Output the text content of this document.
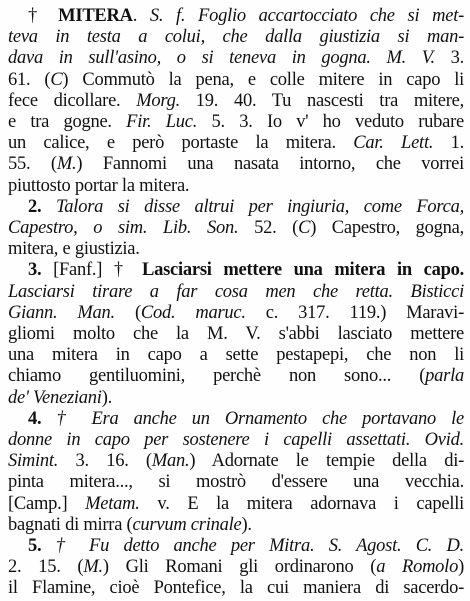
† MITERA. S. f. Foglio accartocciato che si met-
teva in testa a colui, che dalla giustizia si man-
dava in sull'asino, o si teneva in gogna. M. V. 3.
61. (C) Commutò la pena, e colle mitere in capo li
fece dicollare. Morg. 19. 40. Tu nascesti tra mitere,
e tra gogne. Fir. Luc. 5. 3. Io v' ho veduto rubare
un calice, e però portaste la mitera. Car. Lett. 1.
55. (M.) Fannomi una nasata intorno, che vorrei
piuttosto portar la mitera.
2. Talora si disse altrui per ingiuria, come Forca,
Capestro, o sim. Lib. Son. 52. (C) Capestro, gogna,
mitera, e giustizia.
3. [Fanf.] † Lasciarsi mettere una mitera in capo.
Lasciarsi tirare a far cosa men che retta. Bisticci
Giann. Man. (Cod. maruc. c. 317. 119.) Maravi-
gliomi molto che la M. V. s'abbi lasciato mettere
una mitera in capo a sette pestapepi, che non li
chiamo gentiluomini, perchè non sono... (parla
de' Veneziani).
4. † Era anche un Ornamento che portavano le
donne in capo per sostenere i capelli assettati. Ovid.
Simint. 3. 16. (Man.) Adornate le tempie della di-
pinta mitera..., si mostrò d'essere una vecchia.
[Camp.] Metam. v. E la mitera adornava i capelli
bagnati di mirra (curvum crinale).
5. † Fu detto anche per Mitra. S. Agost. C. D.
2. 15. (M.) Gli Romani gli ordinarono (a Romolo)
il Flamine, cioè Pontefice, la cui maniera di sacerdo-
